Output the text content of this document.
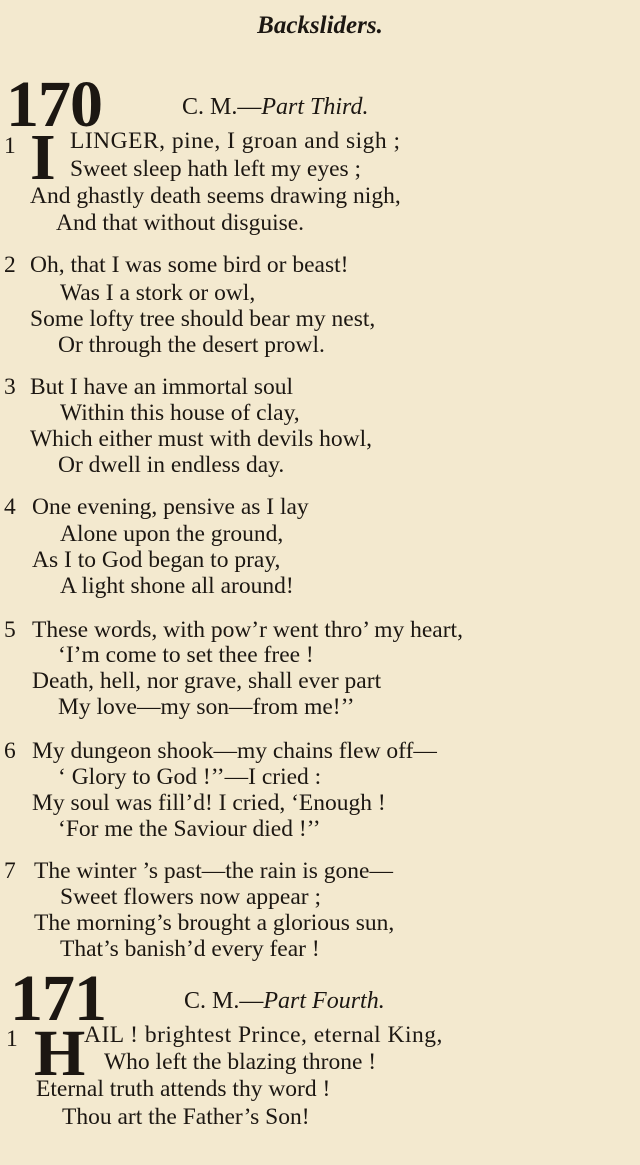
Backsliders.
170	C. M.—Part Third.
1 I LINGER, pine, I groan and sigh ;
Sweet sleep hath left my eyes ;
And ghastly death seems drawing nigh,
And that without disguise.
2 Oh, that I was some bird or beast!
Was I a stork or owl,
Some lofty tree should bear my nest,
Or through the desert prowl.
3 But I have an immortal soul
Within this house of clay,
Which either must with devils howl,
Or dwell in endless day.
4 One evening, pensive as I lay
Alone upon the ground,
As I to God began to pray,
A light shone all around!
5 These words, with pow’r went thro’ my heart,
‘I’m come to set thee free !
Death, hell, nor grave, shall ever part
My love—my son—from me!’’
6 My dungeon shook—my chains flew off—
‘ Glory to God !’’—I cried :
My soul was fill’d! I cried, ‘Enough !
‘For me the Saviour died !’’
7 The winter ’s past—the rain is gone—
Sweet flowers now appear ;
The morning’s brought a glorious sun,
That’s banish’d every fear !
171	C. M.—Part Fourth.
1 H
AIL ! brightest Prince, eternal King,
Who left the blazing throne !
Eternal truth attends thy word !
Thou art the Father’s Son!
